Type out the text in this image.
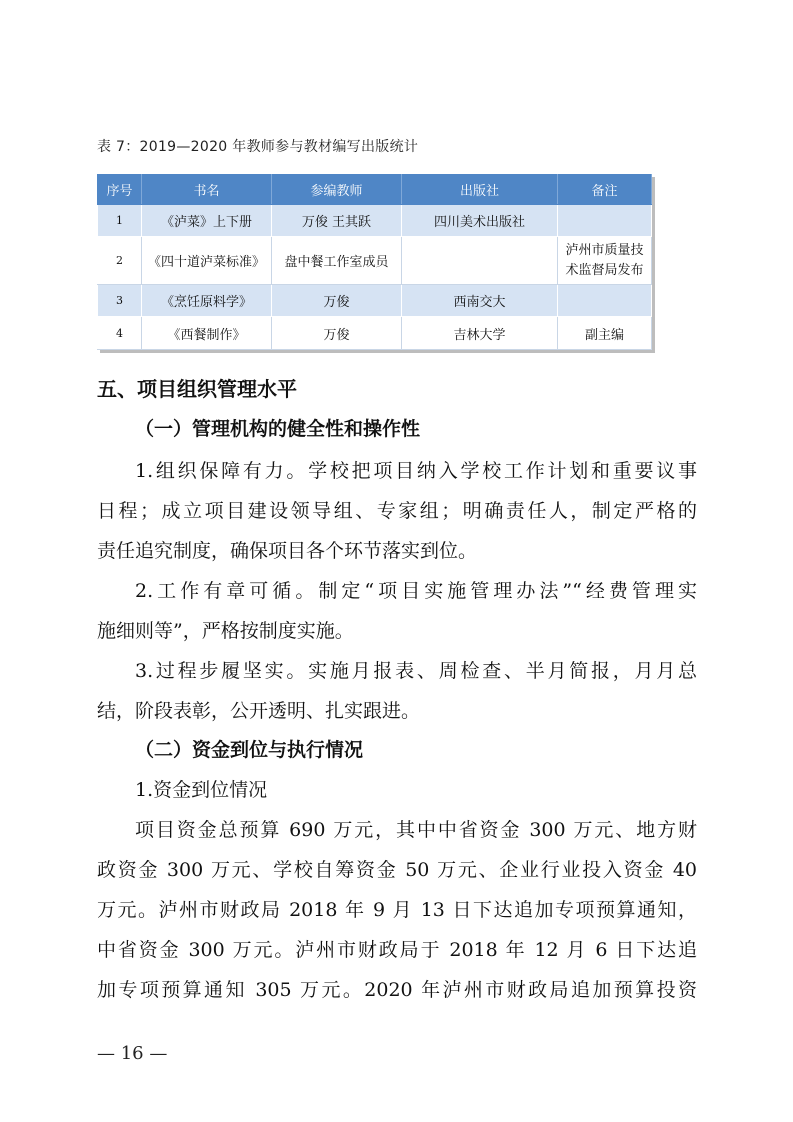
表 7：2019—2020 年教师参与教材编写出版统计
序号	书名	参编教师	出版社	备注
1	《泸菜》上下册	万俊 王其跃	四川美术出版社	
2	《四十道泸菜标准》	盘中餐工作室成员		泸州市质量技术监督局发布
3	《烹饪原料学》	万俊	西南交大	
4	《西餐制作》	万俊	吉林大学	副主编
五、项目组织管理水平
（一）管理机构的健全性和操作性
1.组织保障有力。学校把项目纳入学校工作计划和重要议事
日程；成立项目建设领导组、专家组；明确责任人，制定严格的
责任追究制度，确保项目各个环节落实到位。
2.工作有章可循。制定“项目实施管理办法”“经费管理实
施细则等”，严格按制度实施。
3.过程步履坚实。实施月报表、周检查、半月简报，月月总
结，阶段表彰，公开透明、扎实跟进。
（二）资金到位与执行情况
1.资金到位情况
项目资金总预算 690 万元，其中中省资金 300 万元、地方财
政资金 300 万元、学校自筹资金 50 万元、企业行业投入资金 40
万元。泸州市财政局 2018 年 9 月 13 日下达追加专项预算通知，
中省资金 300 万元。泸州市财政局于 2018 年 12 月 6 日下达追
加专项预算通知 305 万元。2020 年泸州市财政局追加预算投资
— 16 —
